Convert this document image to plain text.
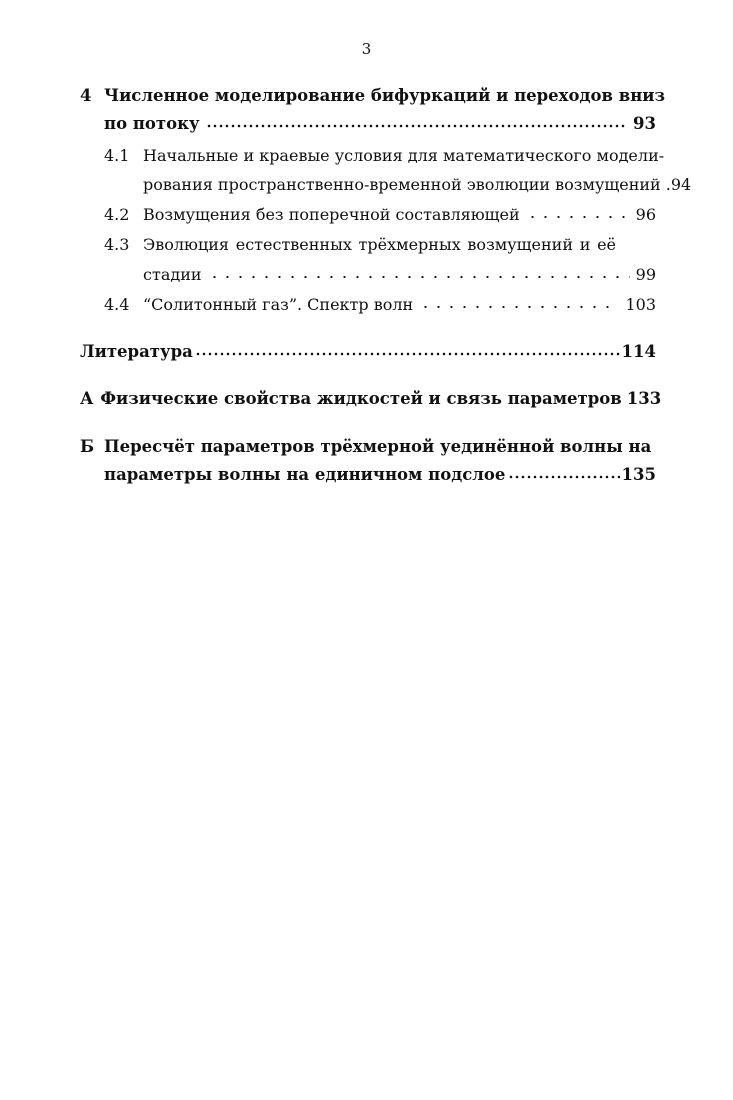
3
4 Численное моделирование бифуркаций и переходов вниз
по потоку	93
4.1 Начальные и краевые условия для математического модели-
рования пространственно-временной эволюции возмущений . 94
4.2 Возмущения без поперечной составляющей	96
4.3 Эволюция естественных трёхмерных возмущений и её
стадии	99
4.4 “Солитонный газ”. Спектр волн	103
Литература	114
А Физические свойства жидкостей и связь параметров 133
Б Пересчёт параметров трёхмерной уединённой волны на
параметры волны на единичном подслое	135
